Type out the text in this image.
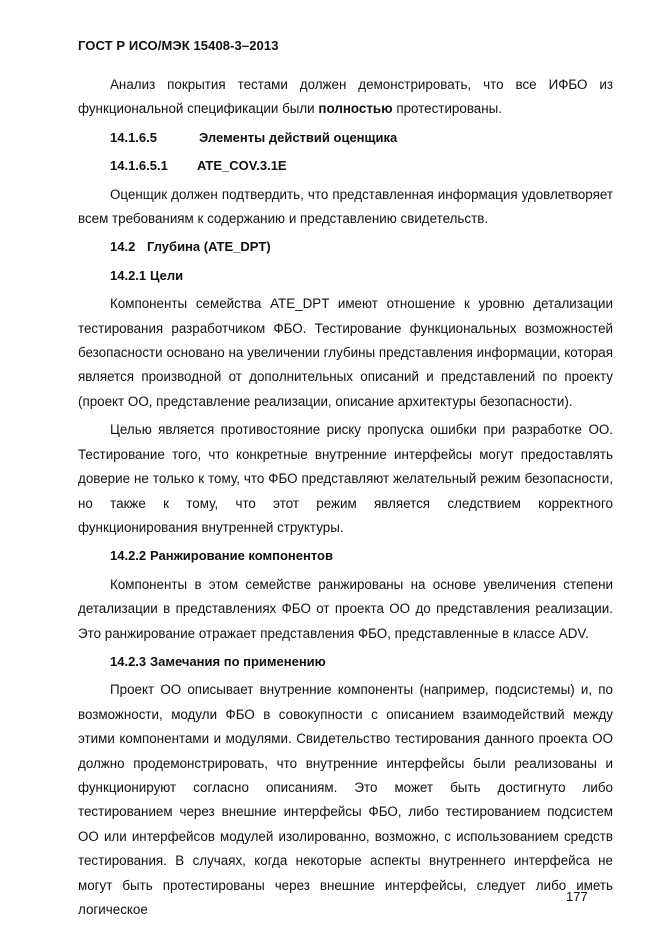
ГОСТ Р ИСО/МЭК 15408-3–2013

Анализ покрытия тестами должен демонстрировать, что все ИФБО из функциональной спецификации были полностью протестированы.

14.1.6.5	Элементы действий оценщика
14.1.6.5.1 ATE_COV.3.1E

Оценщик должен подтвердить, что представленная информация удовлетворяет всем требованиям к содержанию и представлению свидетельств.

14.2 Глубина (ATE_DPT)
14.2.1 Цели

Компоненты семейства ATE_DPT имеют отношение к уровню детализации тестирования разработчиком ФБО. Тестирование функциональных возможностей безопасности основано на увеличении глубины представления информации, которая является производной от дополнительных описаний и представлений по проекту (проект ОО, представление реализации, описание архитектуры безопасности).

Целью является противостояние риску пропуска ошибки при разработке ОО. Тестирование того, что конкретные внутренние интерфейсы могут предоставлять доверие не только к тому, что ФБО представляют желательный режим безопасности, но также к тому, что этот режим является следствием корректного функционирования внутренней структуры.

14.2.2 Ранжирование компонентов

Компоненты в этом семействе ранжированы на основе увеличения степени детализации в представлениях ФБО от проекта ОО до представления реализации. Это ранжирование отражает представления ФБО, представленные в классе ADV.

14.2.3 Замечания по применению

Проект ОО описывает внутренние компоненты (например, подсистемы) и, по возможности, модули ФБО в совокупности с описанием взаимодействий между этими компонентами и модулями. Свидетельство тестирования данного проекта ОО должно продемонстрировать, что внутренние интерфейсы были реализованы и функционируют согласно описаниям. Это может быть достигнуто либо тестированием через внешние интерфейсы ФБО, либо тестированием подсистем ОО или интерфейсов модулей изолированно, возможно, с использованием средств тестирования. В случаях, когда некоторые аспекты внутреннего интерфейса не могут быть протестированы через внешние интерфейсы, следует либо иметь логическое

177
